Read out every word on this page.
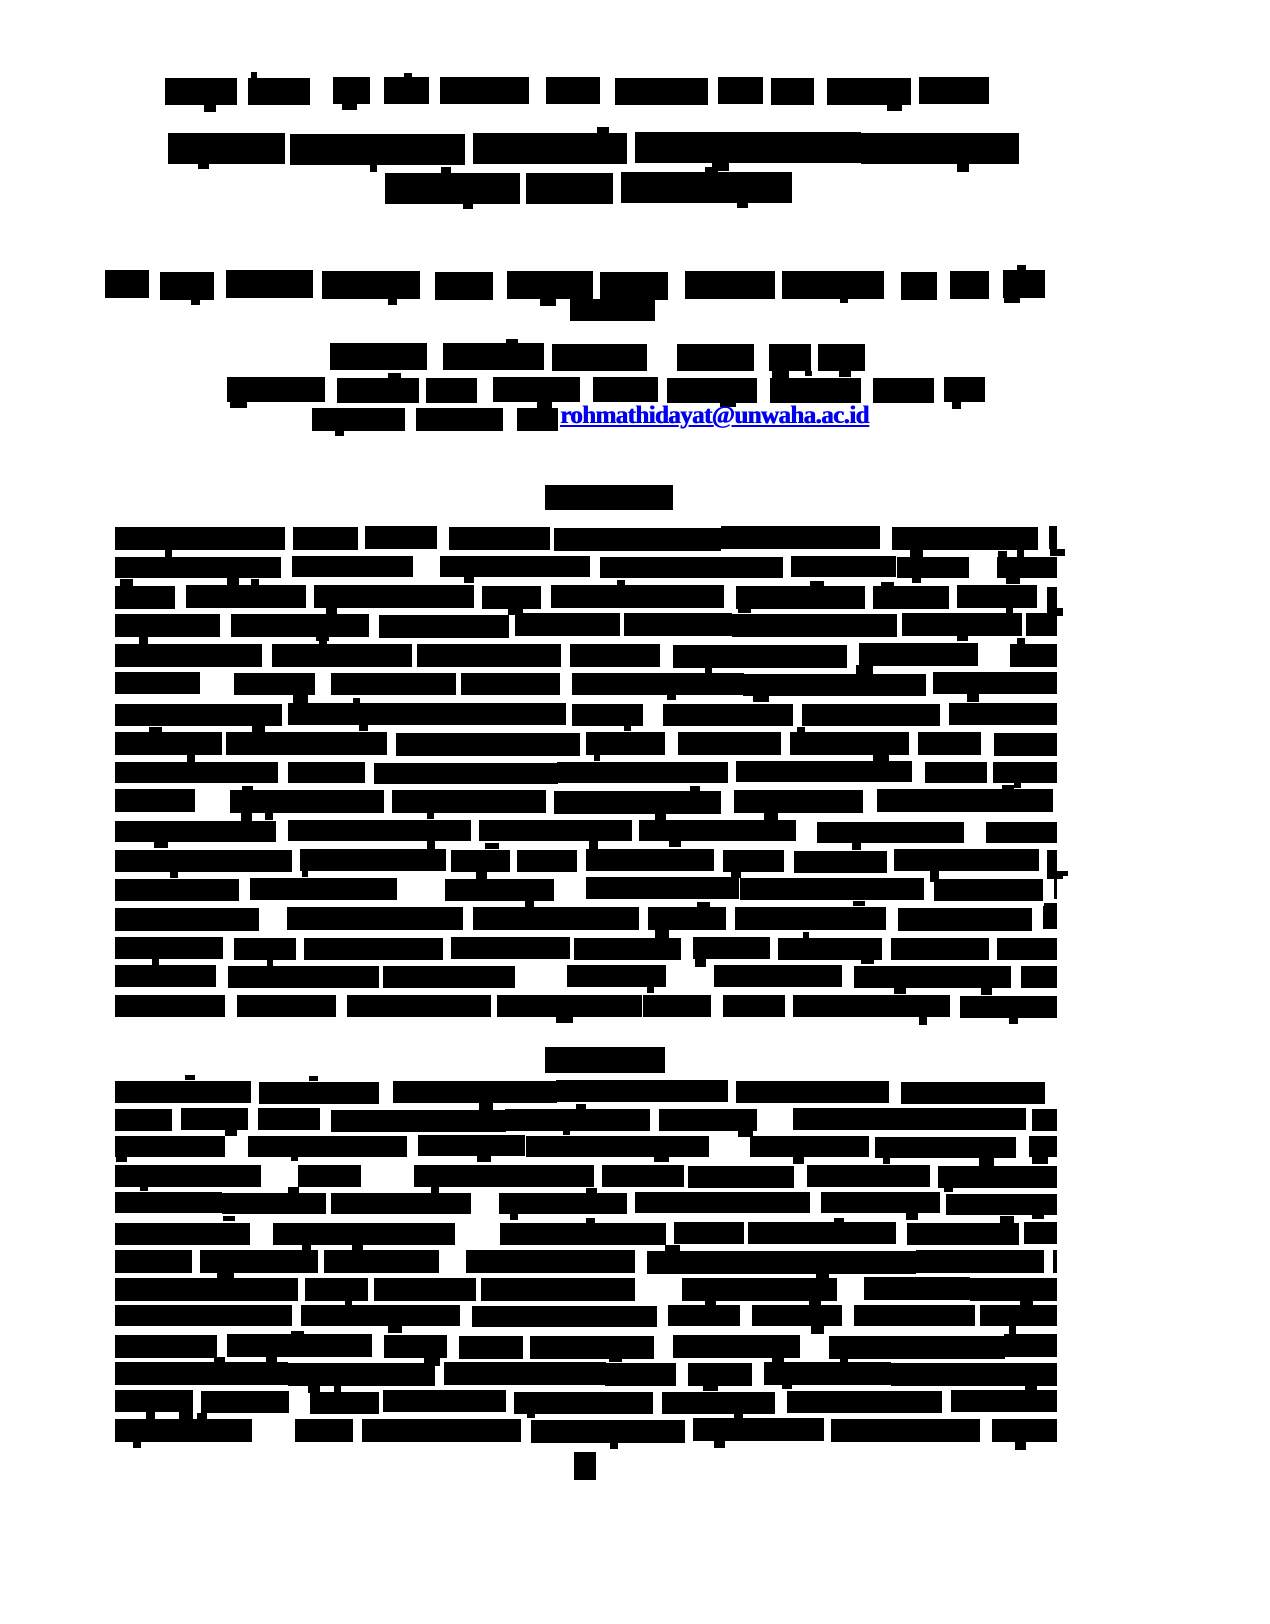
rohmathidayat@unwaha.ac.id
1
